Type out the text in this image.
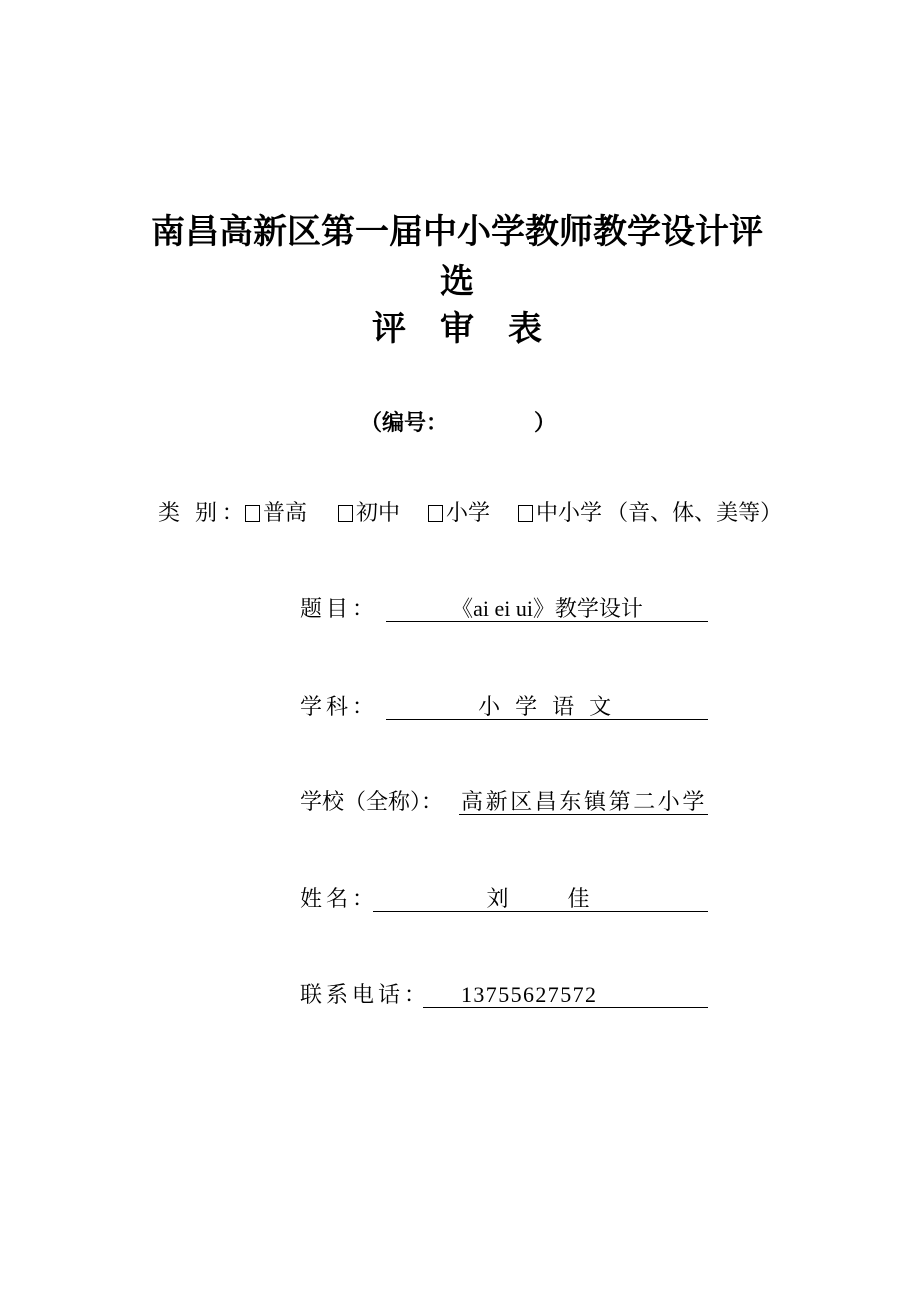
南昌高新区第一届中小学教师教学设计评
选
评　审　表
（编号：	）
类 别： 普高 初中 小学 中小学 （音、体、美等）
题目：	《ai ei ui》教学设计
学科：	小 学 语 文
学校（全称）： 高新区昌东镇第二小学
姓名：	刘　　佳
联系电话：	13755627572
